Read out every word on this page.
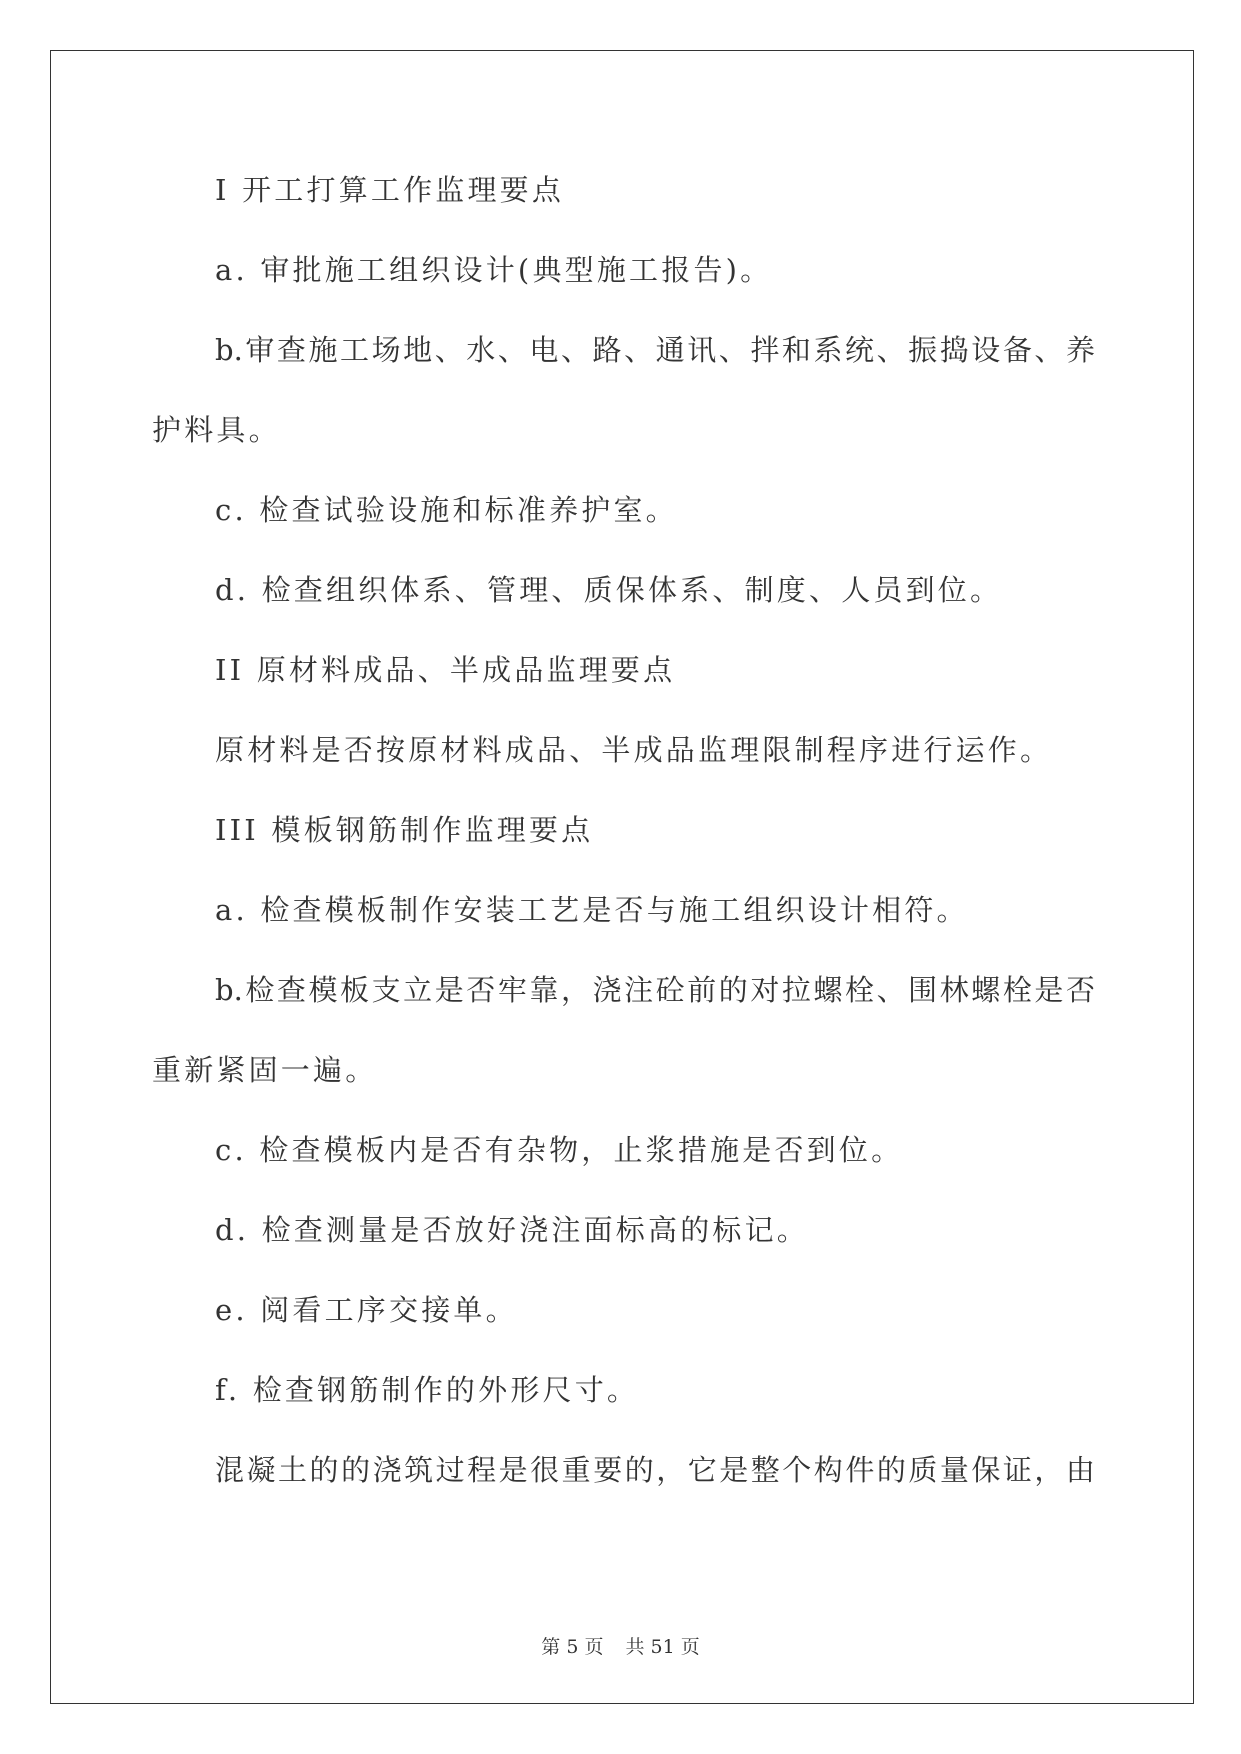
I 开工打算工作监理要点
a. 审批施工组织设计(典型施工报告)。
b. 审 查 施 工 场 地 、 水 、 电 、 路 、 通 讯 、 拌 和 系 统 、 振 捣 设 备 、 养
护料具。
c. 检查试验设施和标准养护室。
d. 检查组织体系、管理、质保体系、制度、人员到位。
II 原材料成品、半成品监理要点
原材料是否按原材料成品、半成品监理限制程序进行运作。
III 模板钢筋制作监理要点
a. 检查模板制作安装工艺是否与施工组织设计相符。
b. 检 查 模 板 支 立 是 否 牢 靠 ， 浇 注 砼 前 的 对 拉 螺 栓 、 围 林 螺 栓 是 否
重新紧固一遍。
c. 检查模板内是否有杂物，止浆措施是否到位。
d. 检查测量是否放好浇注面标高的标记。
e. 阅看工序交接单。
f. 检查钢筋制作的外形尺寸。
混 凝 土 的 的 浇 筑 过 程 是 很 重 要 的 ， 它 是 整 个 构 件 的 质 量 保 证 ， 由
第 5 页 共 51 页
